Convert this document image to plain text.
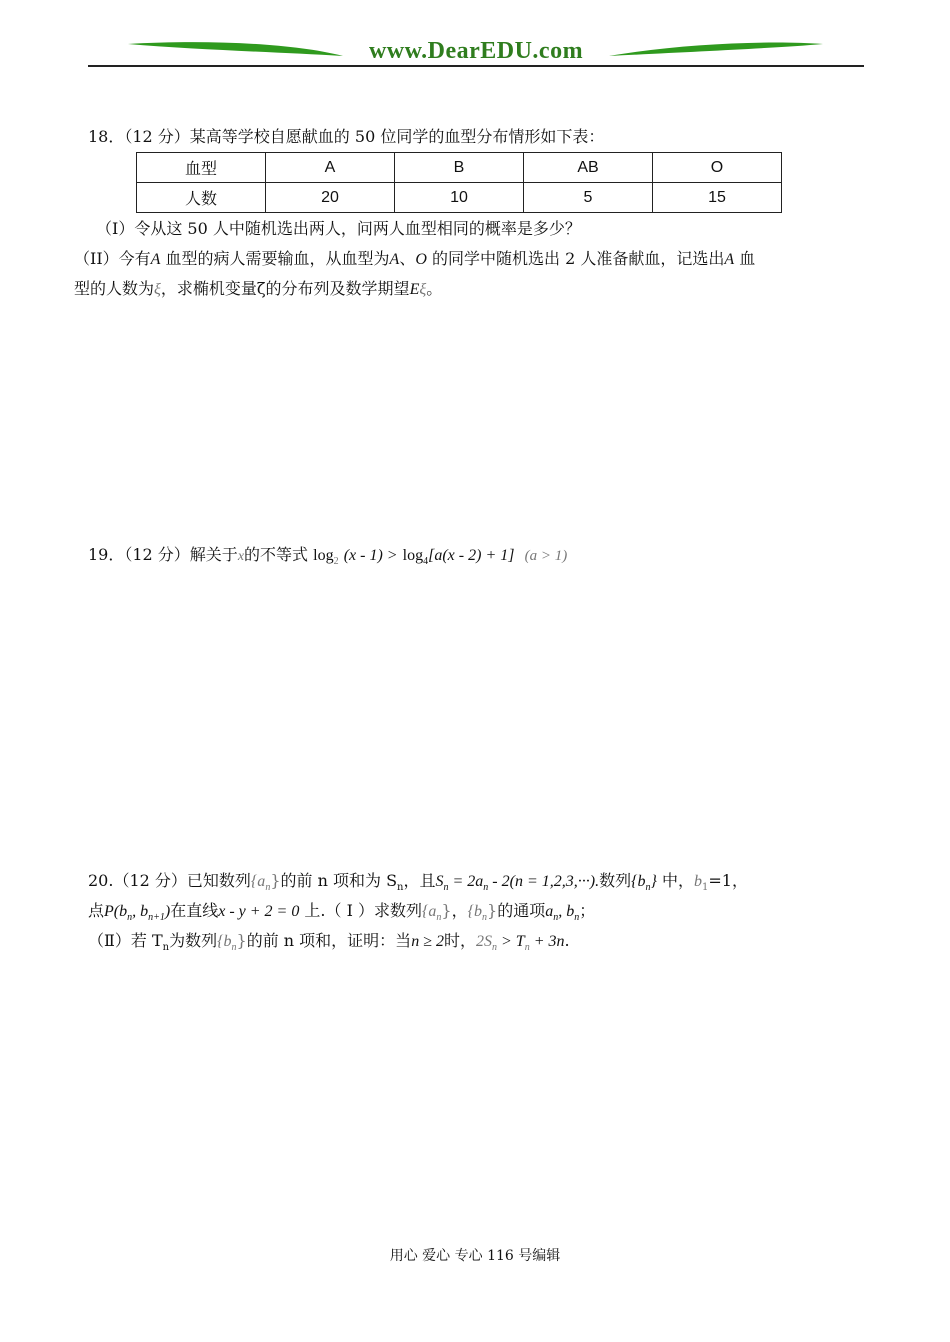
www.DearEDU.com
18．（12 分）某高等学校自愿献血的 50 位同学的血型分布情形如下表：
血型	A	B	AB	O
人数	20	10	5	15
（I）令从这 50 人中随机选出两人，问两人血型相同的概率是多少？
（II）今有A 血型的病人需要输血，从血型为A、O 的同学中随机选出 2 人准备献血，记选出A 血
型的人数为ξ，求椭机变量ζ的分布列及数学期望Eξ。
19．（12 分）解关于x的不等式 $\log_2 (x - 1) > \log_4[a(x - 2) + 1] (a > 1)$
20.（12 分）已知数列$\{a_n\}$的前 n 项和为 $S_n$，且$S_n = 2a_n - 2(n = 1,2,3,\cdot\cdot\cdot)$.数列$\{b_n\}$ 中，$b_1=1$，
点$P(b_n$, $b_{n+1}$)在直线x - y + 2 = 0 上.（ Ⅰ ）求数列$\{a_n\}$，$\{b_n\}$的通项$a_n$, $b_n$；
（Ⅱ）若 $T_n$为数列$\{b_n\}$的前 n 项和，证明：当n ≥ 2时，$2S_n > T_n + 3n$.
用心 爱心 专心 116 号编辑
